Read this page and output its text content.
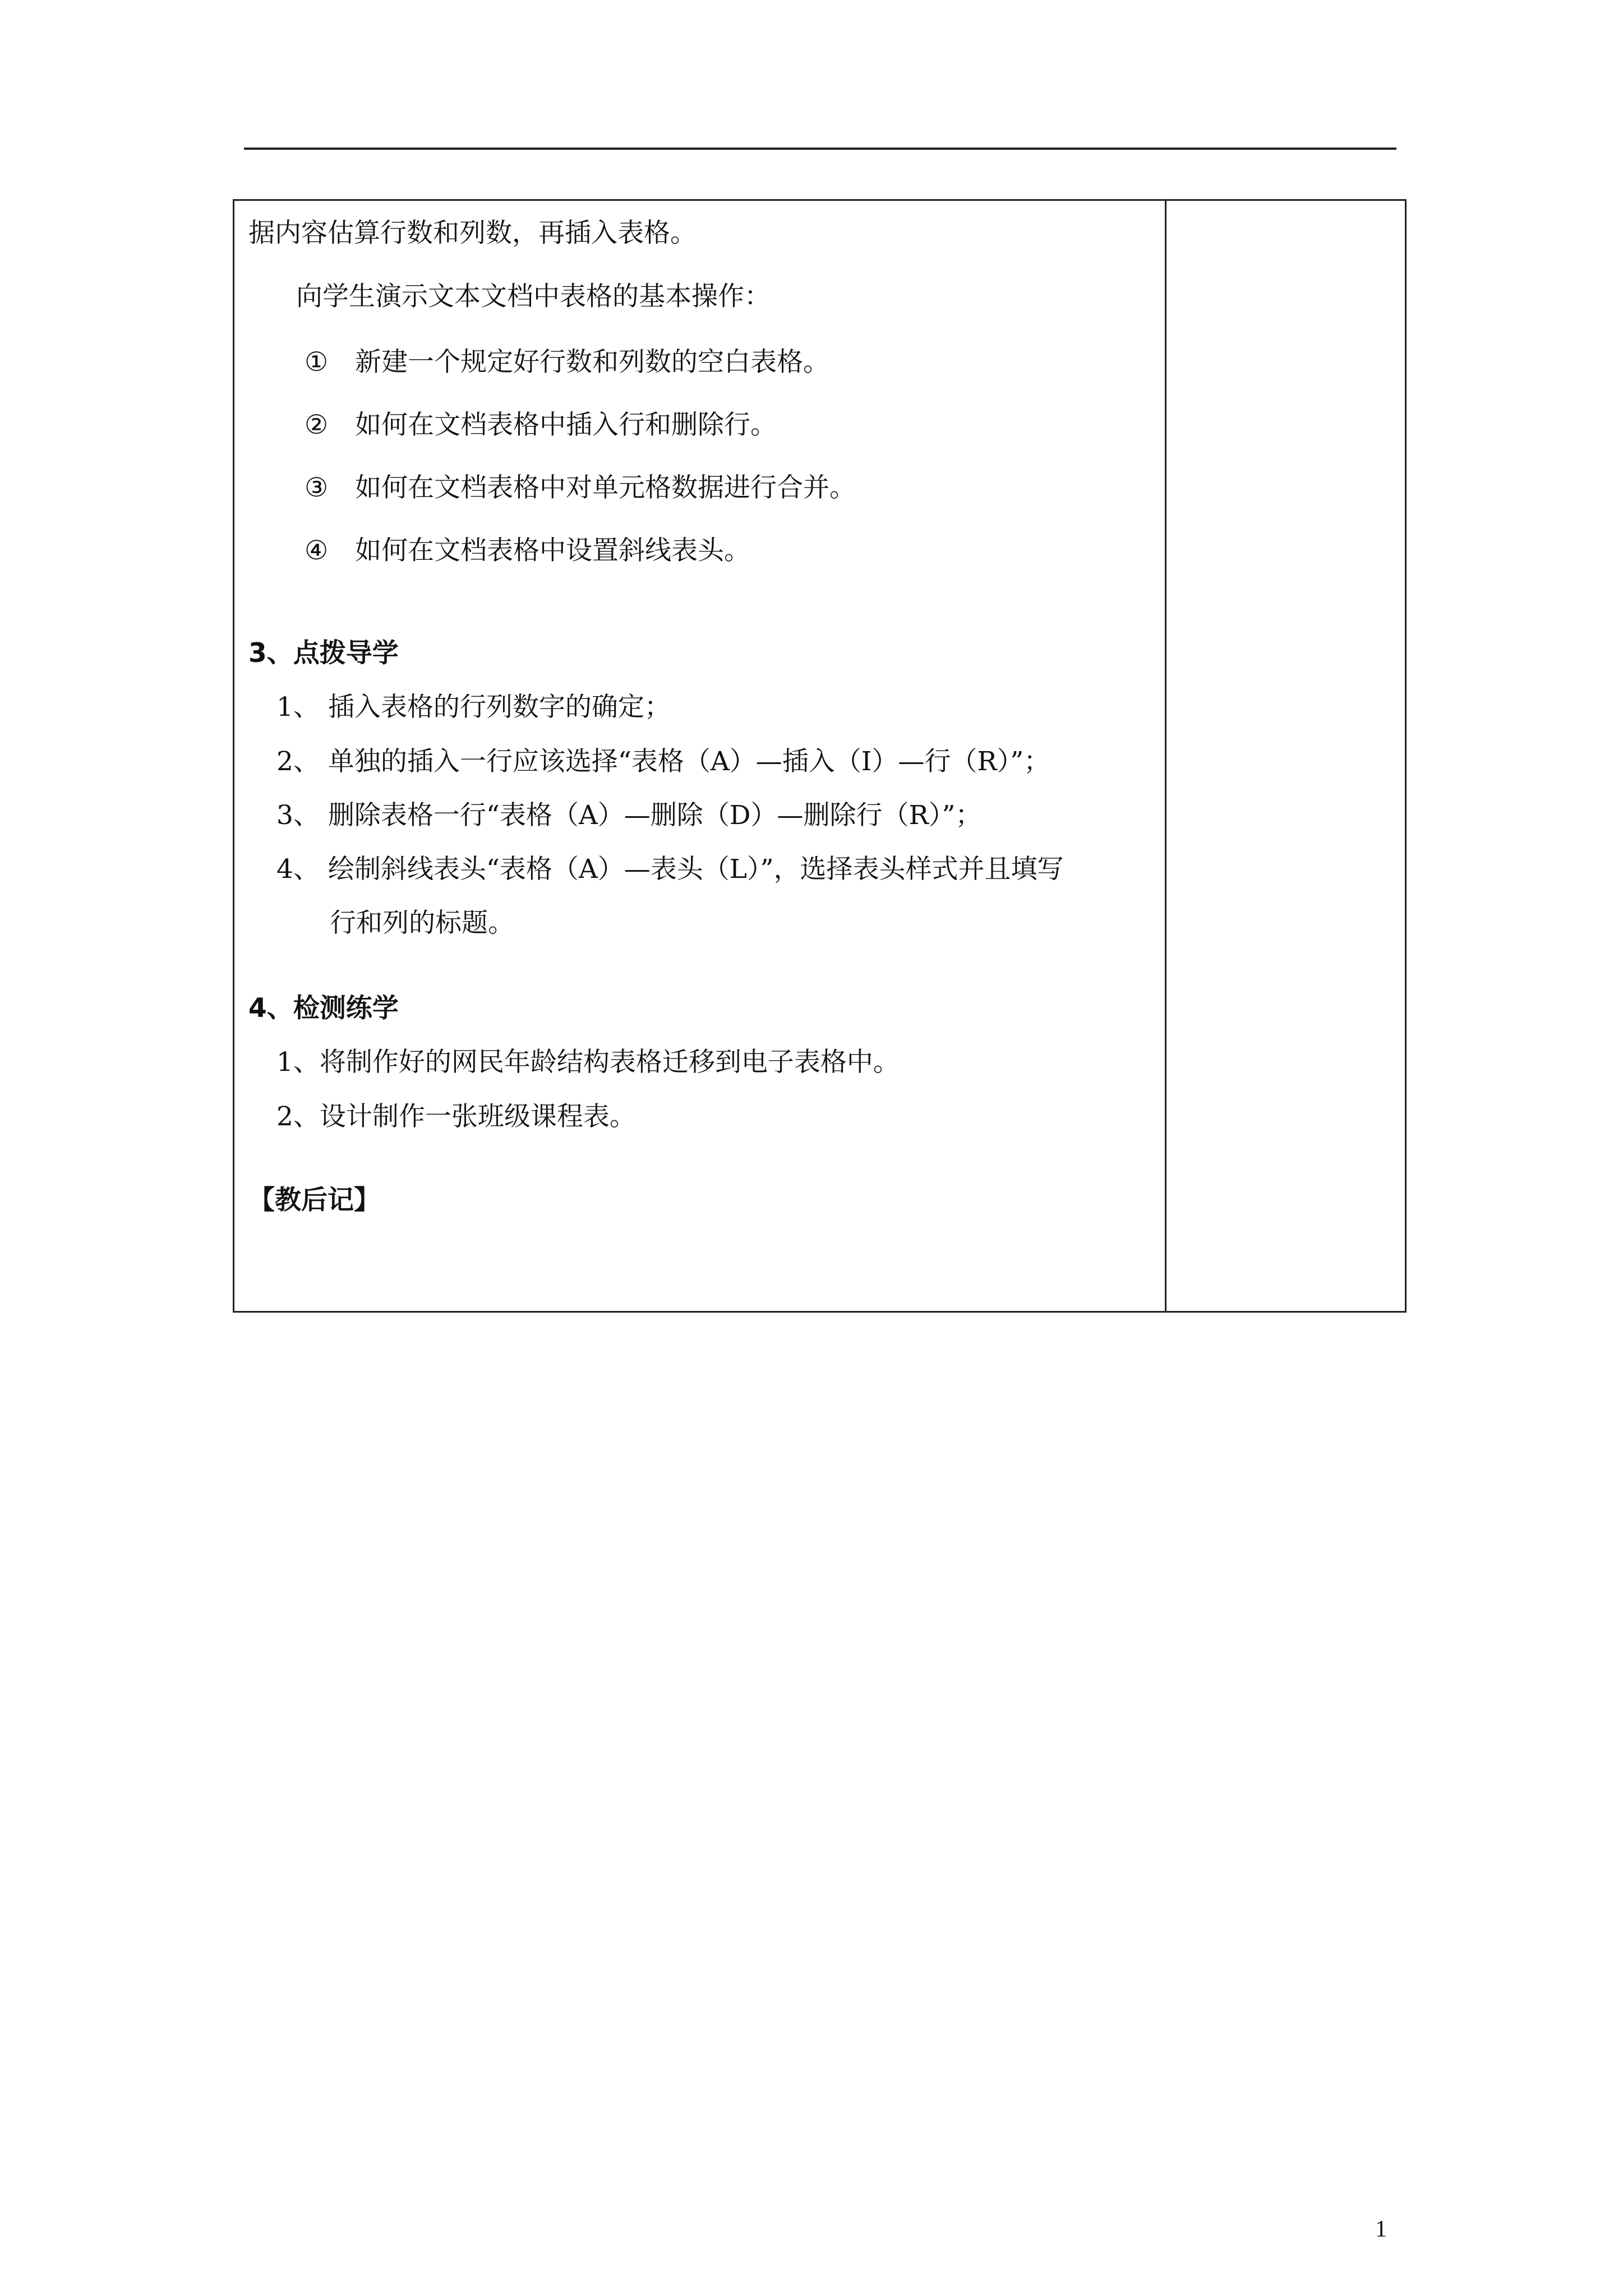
据内容估算行数和列数，再插入表格。
向学生演示文本文档中表格的基本操作：
① 新建一个规定好行数和列数的空白表格。
② 如何在文档表格中插入行和删除行。
③ 如何在文档表格中对单元格数据进行合并。
④ 如何在文档表格中设置斜线表头。
3、点拨导学
1、 插入表格的行列数字的确定；
2、 单独的插入一行应该选择“表格（A）—插入（I）—行（R）”；
3、 删除表格一行“表格（A）—删除（D）—删除行（R）”；
4、 绘制斜线表头“表格（A）—表头（L）”，选择表头样式并且填写
行和列的标题。
4、检测练学
1、将制作好的网民年龄结构表格迁移到电子表格中。
2、设计制作一张班级课程表。
【教后记】
1
